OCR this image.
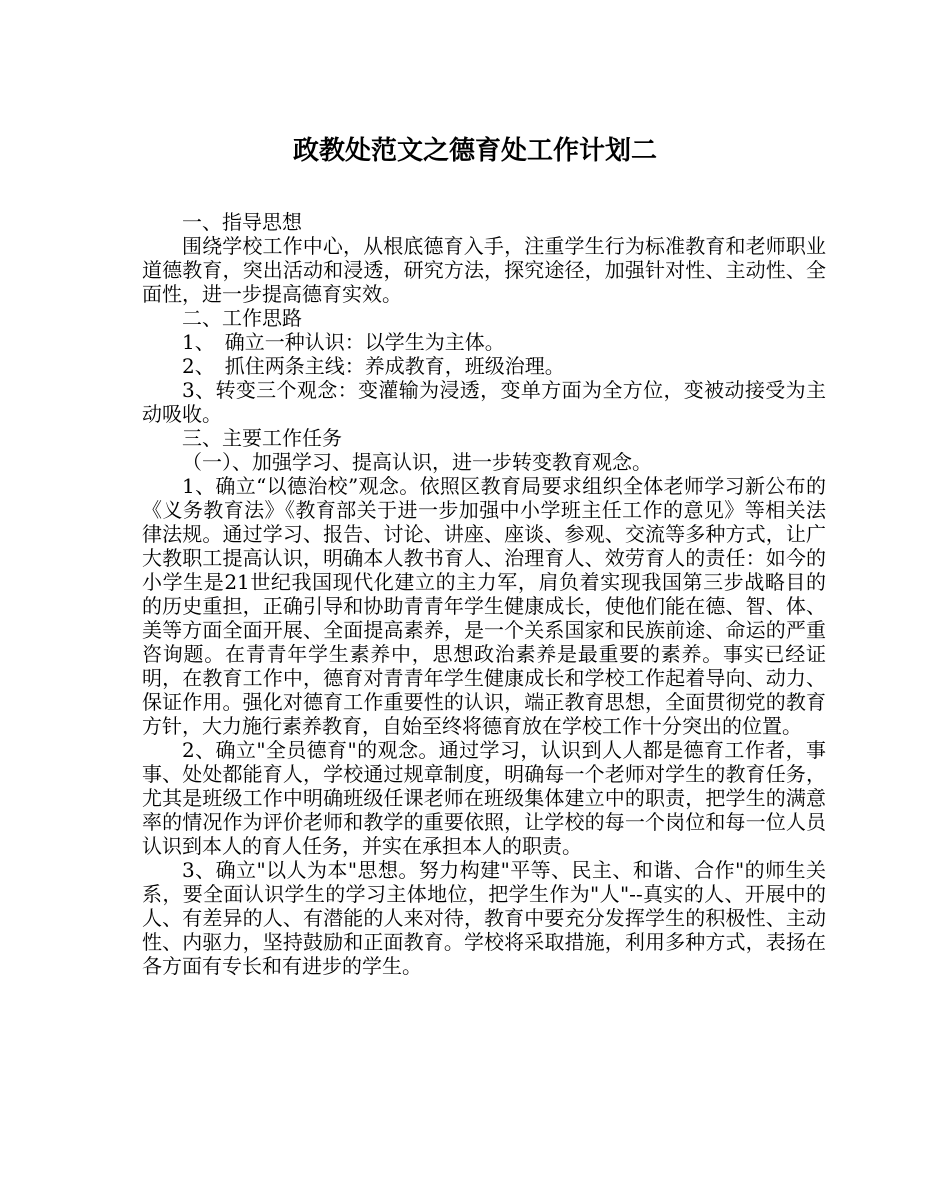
政教处范文之德育处工作计划二

一、指导思想

围绕学校工作中心，从根底德育入手，注重学生行为标准教育和老师职业道德教育，突出活动和浸透，研究方法，探究途径，加强针对性、主动性、全面性，进一步提高德育实效。

二、工作思路

1、　确立一种认识：以学生为主体。

2、　抓住两条主线：养成教育，班级治理。

3、转变三个观念：变灌输为浸透，变单方面为全方位，变被动接受为主动吸收。

三、主要工作任务

（一）、加强学习、提高认识，进一步转变教育观念。

1、确立“以德治校”观念。依照区教育局要求组织全体老师学习新公布的《义务教育法》《教育部关于进一步加强中小学班主任工作的意见》等相关法律法规。通过学习、报告、讨论、讲座、座谈、参观、交流等多种方式，让广大教职工提高认识，明确本人教书育人、治理育人、效劳育人的责任：如今的小学生是21世纪我国现代化建立的主力军，肩负着实现我国第三步战略目的的历史重担，正确引导和协助青青年学生健康成长，使他们能在德、智、体、美等方面全面开展、全面提高素养，是一个关系国家和民族前途、命运的严重咨询题。在青青年学生素养中，思想政治素养是最重要的素养。事实已经证明，在教育工作中，德育对青青年学生健康成长和学校工作起着导向、动力、保证作用。强化对德育工作重要性的认识，端正教育思想，全面贯彻党的教育方针，大力施行素养教育，自始至终将德育放在学校工作十分突出的位置。

2、确立"全员德育"的观念。通过学习，认识到人人都是德育工作者，事事、处处都能育人，学校通过规章制度，明确每一个老师对学生的教育任务，尤其是班级工作中明确班级任课老师在班级集体建立中的职责，把学生的满意率的情况作为评价老师和教学的重要依照，让学校的每一个岗位和每一位人员认识到本人的育人任务，并实在承担本人的职责。

3、确立"以人为本"思想。努力构建"平等、民主、和谐、合作"的师生关系，要全面认识学生的学习主体地位，把学生作为"人"--真实的人、开展中的人、有差异的人、有潜能的人来对待，教育中要充分发挥学生的积极性、主动性、内驱力，坚持鼓励和正面教育。学校将采取措施，利用多种方式，表扬在各方面有专长和有进步的学生。
